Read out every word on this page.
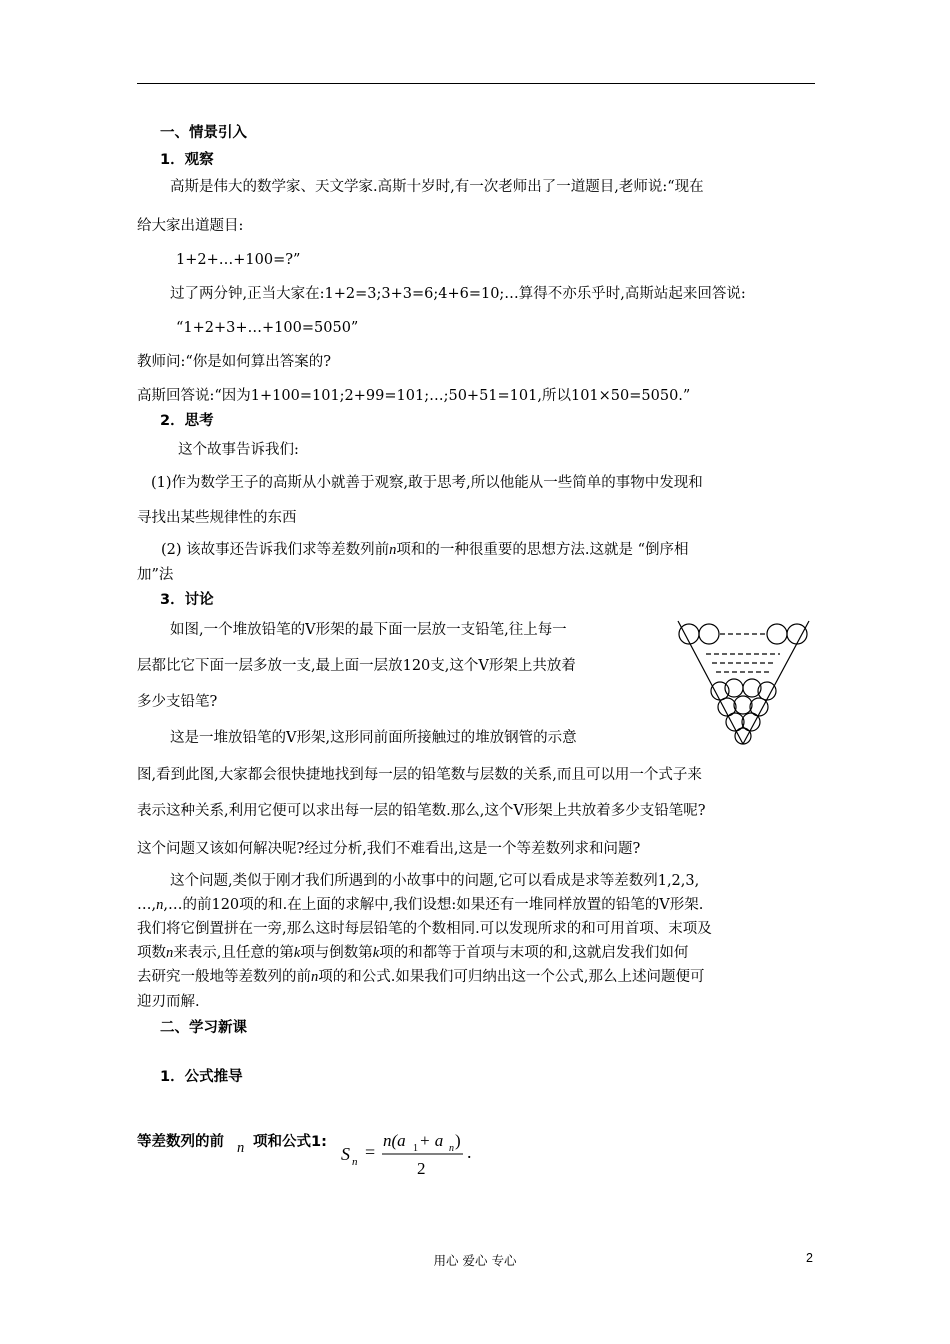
一、情景引入
1．观察
高斯是伟大的数学家、天文学家.高斯十岁时,有一次老师出了一道题目,老师说:“现在
给大家出道题目:
1+2+…+100=?”
过了两分钟,正当大家在:1+2=3;3+3=6;4+6=10;…算得不亦乐乎时,高斯站起来回答说:
“1+2+3+…+100=5050”
教师问:“你是如何算出答案的?
高斯回答说:“因为1+100=101;2+99=101;…;50+51=101,所以101×50=5050.”
2．思考
这个故事告诉我们:
(1)作为数学王子的高斯从小就善于观察,敢于思考,所以他能从一些简单的事物中发现和
寻找出某些规律性的东西
(2) 该故事还告诉我们求等差数列前n项和的一种很重要的思想方法.这就是 “倒序相
加”法
3．讨论
如图,一个堆放铅笔的V形架的最下面一层放一支铅笔,往上每一
层都比它下面一层多放一支,最上面一层放120支,这个V形架上共放着
多少支铅笔?
这是一堆放铅笔的V形架,这形同前面所接触过的堆放钢管的示意
图,看到此图,大家都会很快捷地找到每一层的铅笔数与层数的关系,而且可以用一个式子来
表示这种关系,利用它便可以求出每一层的铅笔数.那么,这个V形架上共放着多少支铅笔呢?
这个问题又该如何解决呢?经过分析,我们不难看出,这是一个等差数列求和问题?
这个问题,类似于刚才我们所遇到的小故事中的问题,它可以看成是求等差数列1,2,3,
…,n,…的前120项的和.在上面的求解中,我们设想:如果还有一堆同样放置的铅笔的V形架.
我们将它倒置拼在一旁,那么这时每层铅笔的个数相同.可以发现所求的和可用首项、末项及
项数n来表示,且任意的第k项与倒数第k项的和都等于首项与末项的和,这就启发我们如何
去研究一般地等差数列的前n项的和公式.如果我们可归纳出这一个公式,那么上述问题便可
迎刃而解.
二、学习新课
1．公式推导
等差数列的前 n 项和公式1:
S n =
n(a 1 + a n )
2
.
用心 爱心 专心	2
